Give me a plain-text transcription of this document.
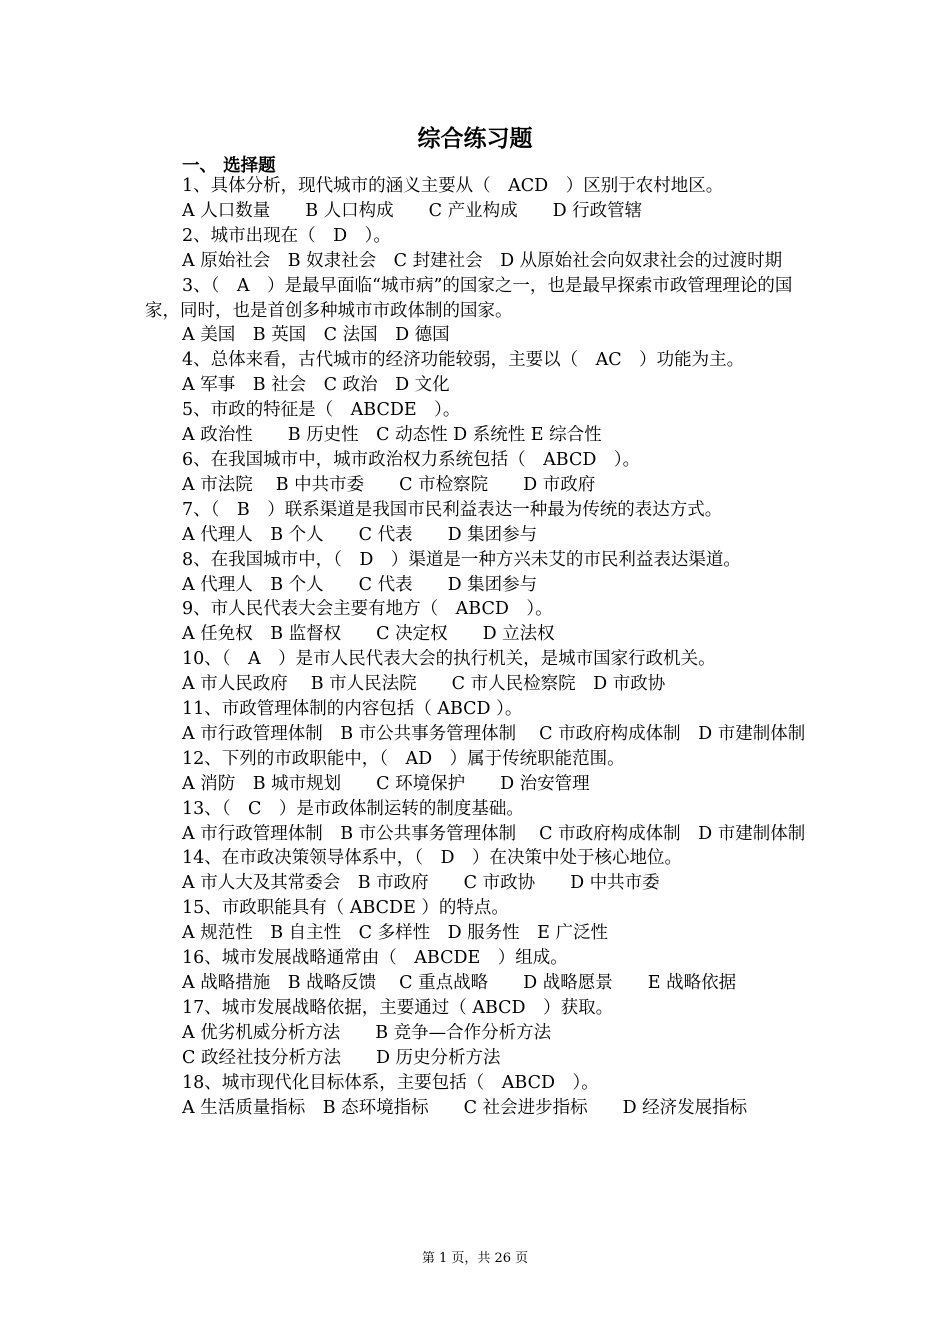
综合练习题
一、 选择题
1、具体分析，现代城市的涵义主要从（　ACD　）区别于农村地区。
A 人口数量　　B 人口构成　　C 产业构成　　D 行政管辖
2、城市出现在（　D　）。
A 原始社会　B 奴隶社会　C 封建社会　D 从原始社会向奴隶社会的过渡时期
3、（　A　）是最早面临“城市病”的国家之一，也是最早探索市政管理理论的国家，同时，也是首创多种城市市政体制的国家。
A 美国　B 英国　C 法国　D 德国
4、总体来看，古代城市的经济功能较弱，主要以（　AC　）功能为主。
A 军事　B 社会　C 政治　D 文化
5、市政的特征是（　ABCDE　）。
A 政治性　　B 历史性　C 动态性 D 系统性 E 综合性
6、在我国城市中，城市政治权力系统包括（　ABCD　）。
A 市法院　 B 中共市委　　C 市检察院　　D 市政府
7、（　B　）联系渠道是我国市民利益表达一种最为传统的表达方式。
A 代理人　B 个人　　C 代表　　D 集团参与
8、在我国城市中，（　D　）渠道是一种方兴未艾的市民利益表达渠道。
A 代理人　B 个人　　C 代表　　D 集团参与
9、市人民代表大会主要有地方（　ABCD　）。
A 任免权　B 监督权　　C 决定权　　D 立法权
10、（　A　）是市人民代表大会的执行机关，是城市国家行政机关。
A 市人民政府　 B 市人民法院　　C 市人民检察院　D 市政协
11、市政管理体制的内容包括（ ABCD ）。
A 市行政管理体制　B 市公共事务管理体制　 C 市政府构成体制　D 市建制体制
12、下列的市政职能中，（　AD　）属于传统职能范围。
A 消防　B 城市规划　　C 环境保护　　D 治安管理
13、（　C　）是市政体制运转的制度基础。
A 市行政管理体制　B 市公共事务管理体制　 C 市政府构成体制　D 市建制体制
14、在市政决策领导体系中，（　D　）在决策中处于核心地位。
A 市人大及其常委会　B 市政府　　C 市政协　　D 中共市委
15、市政职能具有（ ABCDE ）的特点。
A 规范性　B 自主性　C 多样性　D 服务性　E 广泛性
16、城市发展战略通常由（　ABCDE　）组成。
A 战略措施　B 战略反馈　 C 重点战略　　D 战略愿景　　E 战略依据
17、城市发展战略依据，主要通过（ ABCD　）获取。
A 优劣机威分析方法　　B 竞争—合作分析方法
C 政经社技分析方法　　D 历史分析方法
18、城市现代化目标体系，主要包括（　ABCD　）。
A 生活质量指标　B 态环境指标　　C 社会进步指标　　D 经济发展指标
第 1 页，共 26 页
